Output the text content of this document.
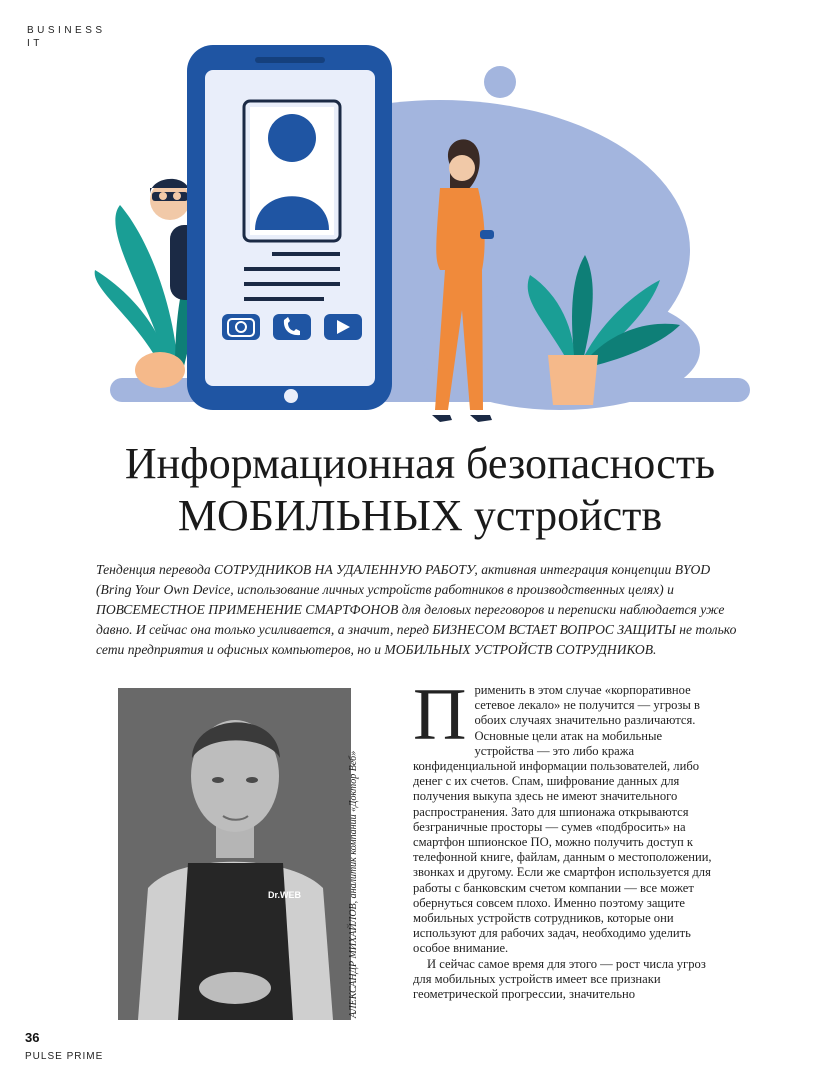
BUSINESS
IT
Информационная безопасность
МОБИЛЬНЫХ устройств

Тенденция перевода СОТРУДНИКОВ НА УДАЛЕННУЮ РАБОТУ, активная интеграция концепции BYOD (Bring Your Own Device, использование личных устройств работников в производственных целях) и ПОВСЕМЕСТНОЕ ПРИМЕНЕНИЕ СМАРТФОНОВ для деловых переговоров и переписки наблюдается уже давно. И сейчас она только усиливается, а значит, перед БИЗНЕСОМ ВСТАЕТ ВОПРОС ЗАЩИТЫ не только сети предприятия и офисных компьютеров, но и МОБИЛЬНЫХ УСТРОЙСТВ СОТРУДНИКОВ.

Dr.WEB	АЛЕКСАНДР МИХАЙЛОВ, аналитик компании «Доктор Веб»
П рименить в этом случае «корпоративное сетевое лекало» не получится — угрозы в обоих случаях значительно различаются. Основные цели атак на мобильные устройства — это либо кража конфиденциальной информации пользователей, либо денег с их счетов. Спам, шифрование данных для получения выкупа здесь не имеют значительного распространения. Зато для шпионажа открываются безграничные просторы — сумев «подбросить» на смартфон шпионское ПО, можно получить доступ к телефонной книге, файлам, данным о местоположении, звонках и другому. Если же смартфон используется для работы с банковским счетом компании — все может обернуться совсем плохо. Именно поэтому защите мобильных устройств сотрудников, которые они используют для рабочих задач, необходимо уделить особое внимание.
И сейчас самое время для этого — рост числа угроз для мобильных устройств имеет все признаки геометрической прогрессии, значительно
36
PULSE PRIME
